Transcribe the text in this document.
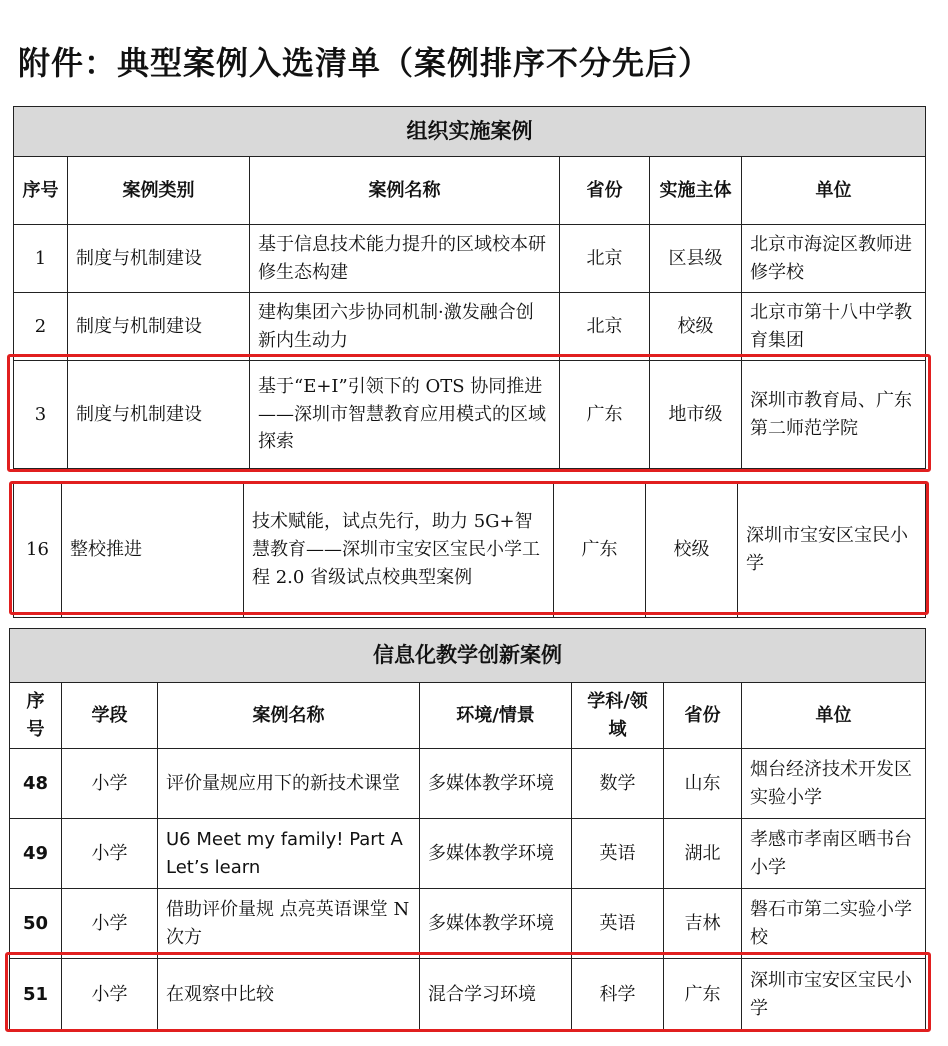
附件：典型案例入选清单（案例排序不分先后）
组织实施案例					
序号	案例类别	案例名称	省份	实施主体	单位
1	制度与机制建设	基于信息技术能力提升的区域校本研修生态构建	北京	区县级	北京市海淀区教师进修学校
2	制度与机制建设	建构集团六步协同机制·激发融合创新内生动力	北京	校级	北京市第十八中学教育集团
3	制度与机制建设	基于“E+I”引领下的 OTS 协同推进——深圳市智慧教育应用模式的区域探索	广东	地市级	深圳市教育局、广东第二师范学院
16	整校推进	技术赋能，试点先行，助力 5G+智慧教育——深圳市宝安区宝民小学工程 2.0 省级试点校典型案例	广东	校级	深圳市宝安区宝民小学
信息化教学创新案例						
序号	学段	案例名称	环境/情景	学科/领域	省份	单位
48	小学	评价量规应用下的新技术课堂	多媒体教学环境	数学	山东	烟台经济技术开发区实验小学
49	小学	U6 Meet my family! Part A Let’s learn	多媒体教学环境	英语	湖北	孝感市孝南区晒书台小学
50	小学	借助评价量规 点亮英语课堂 N 次方	多媒体教学环境	英语	吉林	磐石市第二实验小学校
51	小学	在观察中比较	混合学习环境	科学	广东	深圳市宝安区宝民小学
